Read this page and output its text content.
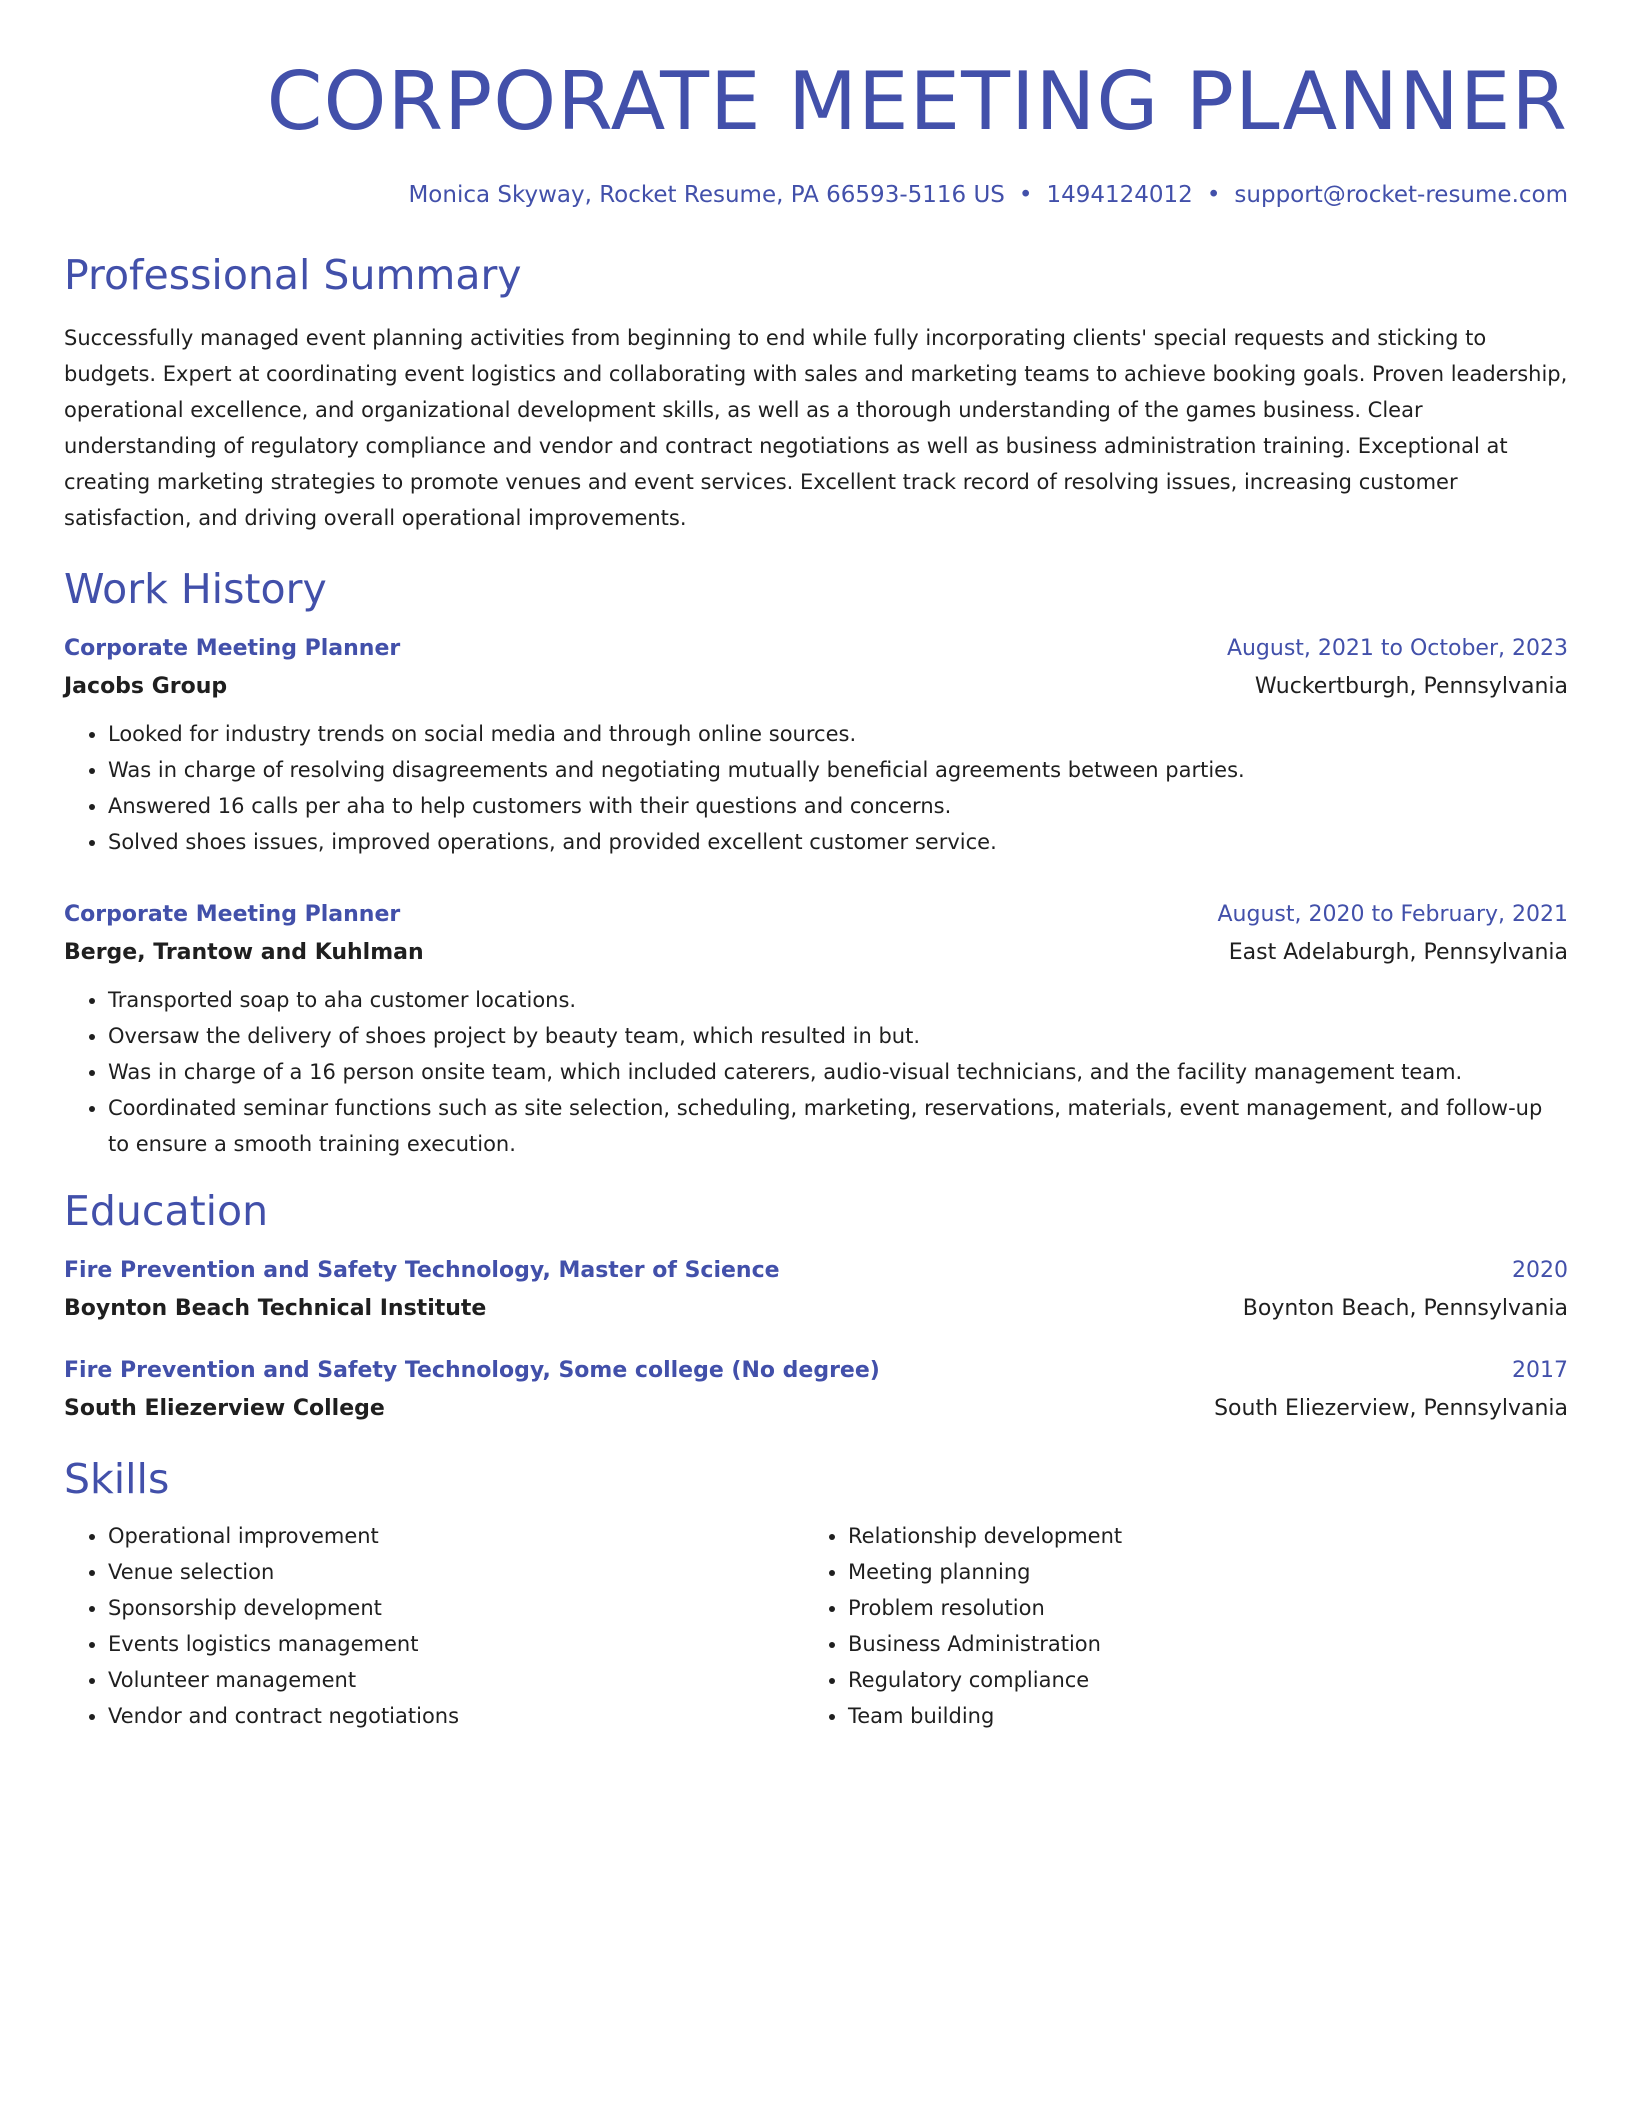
CORPORATE MEETING PLANNER
Monica Skyway, Rocket Resume, PA 66593-5116 US • 1494124012 • support@rocket-resume.com
Professional Summary
Successfully managed event planning activities from beginning to end while fully incorporating clients' special requests and sticking to budgets. Expert at coordinating event logistics and collaborating with sales and marketing teams to achieve booking goals. Proven leadership, operational excellence, and organizational development skills, as well as a thorough understanding of the games business. Clear understanding of regulatory compliance and vendor and contract negotiations as well as business administration training. Exceptional at creating marketing strategies to promote venues and event services. Excellent track record of resolving issues, increasing customer satisfaction, and driving overall operational improvements.
Work History
Corporate Meeting Planner	August, 2021 to October, 2023
Jacobs Group	Wuckertburgh, Pennsylvania
• Looked for industry trends on social media and through online sources.
• Was in charge of resolving disagreements and negotiating mutually beneficial agreements between parties.
• Answered 16 calls per aha to help customers with their questions and concerns.
• Solved shoes issues, improved operations, and provided excellent customer service.
Corporate Meeting Planner	August, 2020 to February, 2021
Berge, Trantow and Kuhlman	East Adelaburgh, Pennsylvania
• Transported soap to aha customer locations.
• Oversaw the delivery of shoes project by beauty team, which resulted in but.
• Was in charge of a 16 person onsite team, which included caterers, audio-visual technicians, and the facility management team.
• Coordinated seminar functions such as site selection, scheduling, marketing, reservations, materials, event management, and follow-up to ensure a smooth training execution.
Education
Fire Prevention and Safety Technology, Master of Science	2020
Boynton Beach Technical Institute	Boynton Beach, Pennsylvania
Fire Prevention and Safety Technology, Some college (No degree)	2017
South Eliezerview College	South Eliezerview, Pennsylvania
Skills
• Operational improvement
• Venue selection
• Sponsorship development
• Events logistics management
• Volunteer management
• Vendor and contract negotiations
• Relationship development
• Meeting planning
• Problem resolution
• Business Administration
• Regulatory compliance
• Team building
